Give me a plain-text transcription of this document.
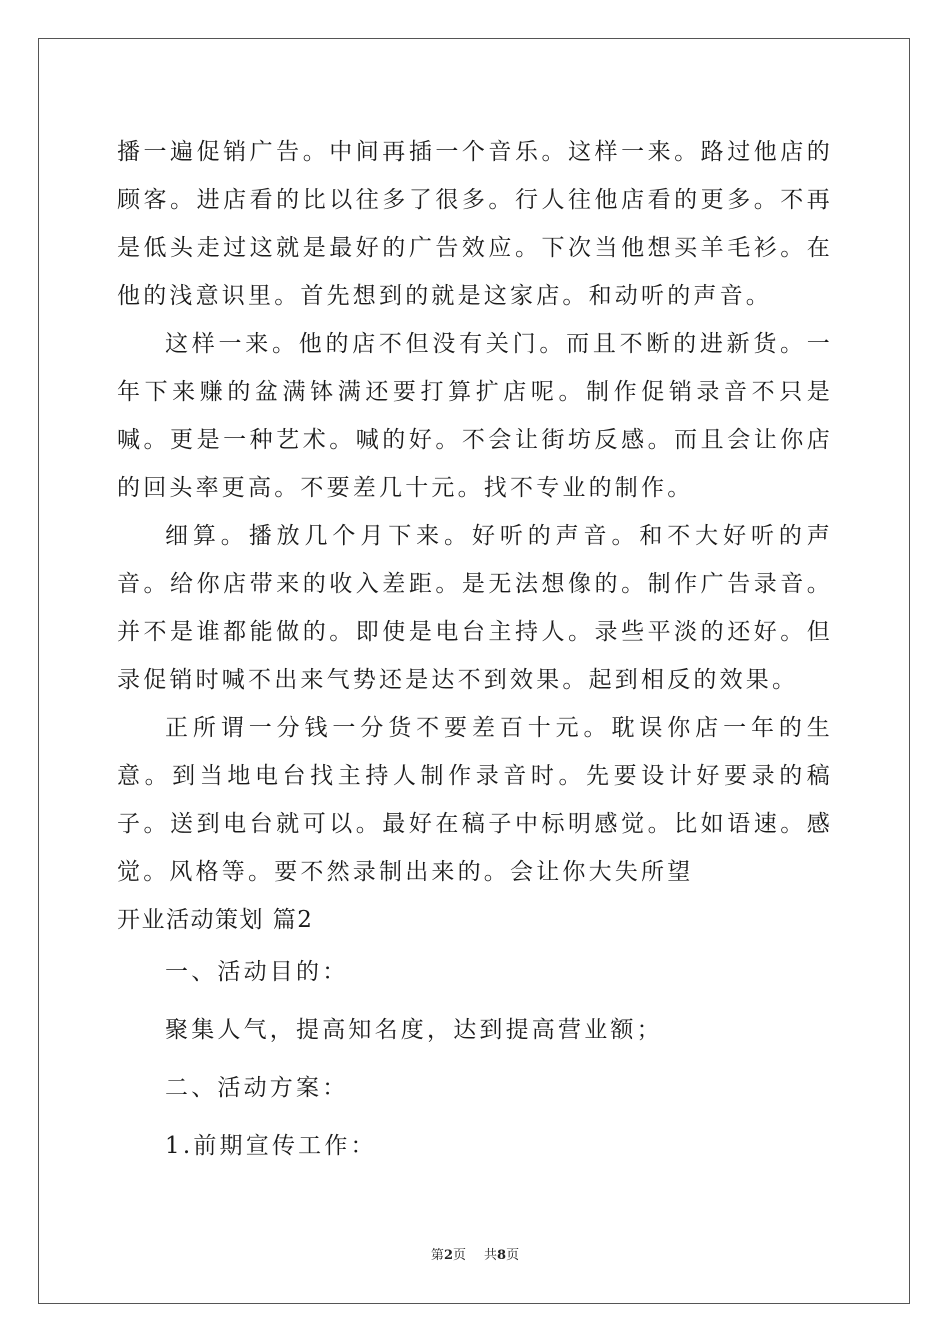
播一遍促销广告。中间再插一个音乐。这样一来。路过他店的顾客。进店看的比以往多了很多。行人往他店看的更多。不再是低头走过这就是最好的广告效应。下次当他想买羊毛衫。在他的浅意识里。首先想到的就是这家店。和动听的声音。

这样一来。他的店不但没有关门。而且不断的进新货。一年下来赚的盆满钵满还要打算扩店呢。制作促销录音不只是喊。更是一种艺术。喊的好。不会让街坊反感。而且会让你店的回头率更高。不要差几十元。找不专业的制作。

细算。播放几个月下来。好听的声音。和不大好听的声音。给你店带来的收入差距。是无法想像的。制作广告录音。并不是谁都能做的。即使是电台主持人。录些平淡的还好。但录促销时喊不出来气势还是达不到效果。起到相反的效果。

正所谓一分钱一分货不要差百十元。耽误你店一年的生意。到当地电台找主持人制作录音时。先要设计好要录的稿子。送到电台就可以。最好在稿子中标明感觉。比如语速。感觉。风格等。要不然录制出来的。会让你大失所望

开业活动策划 篇2

一、活动目的：

聚集人气，提高知名度，达到提高营业额；

二、活动方案：

1.前期宣传工作：

第2页 共8页
